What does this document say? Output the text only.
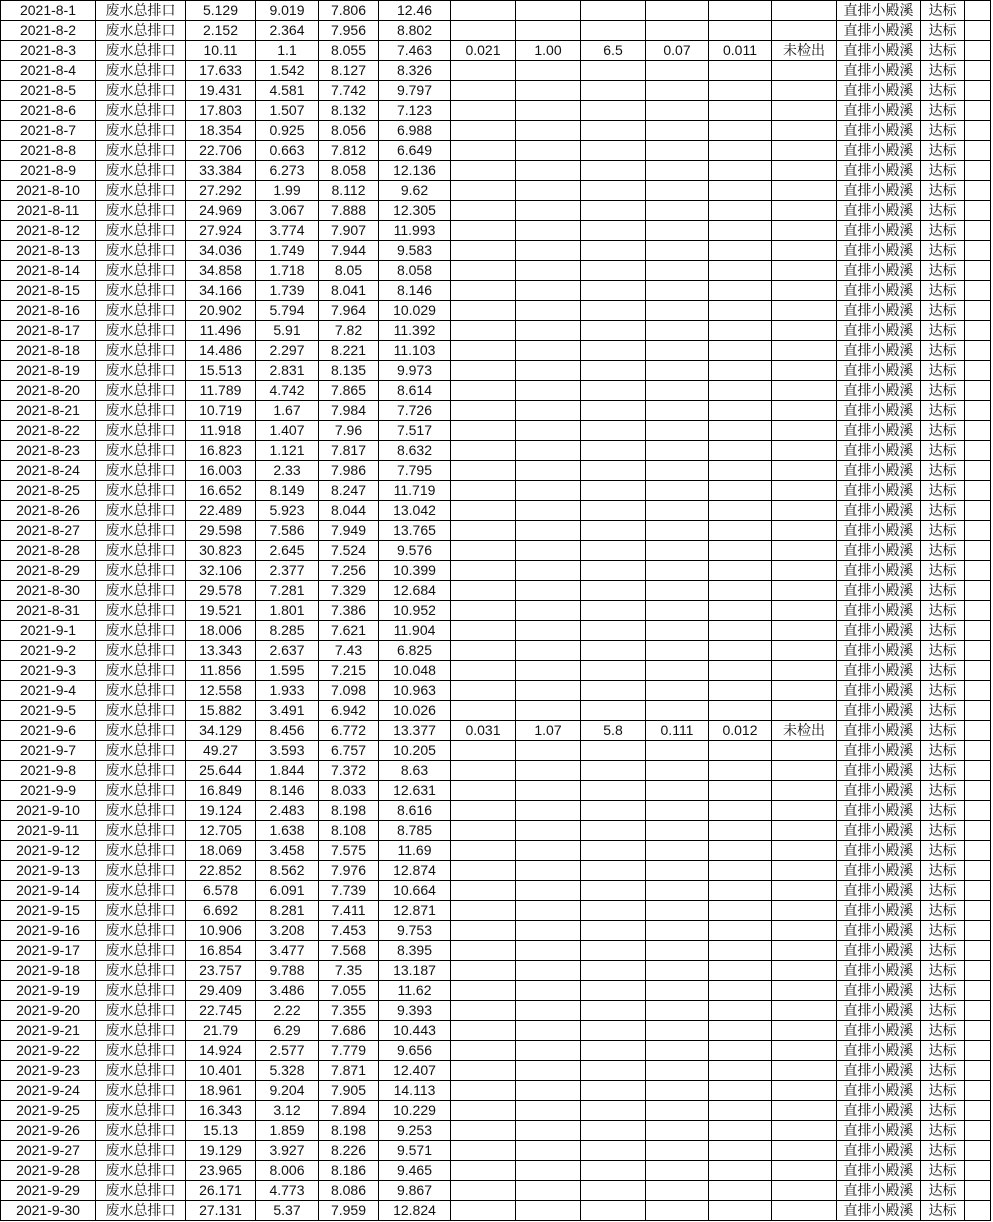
2021-8-1	废水总排口	5.129	9.019	7.806	12.46							直排小殿溪	达标	
2021-8-2	废水总排口	2.152	2.364	7.956	8.802							直排小殿溪	达标	
2021-8-3	废水总排口	10.11	1.1	8.055	7.463	0.021	1.00	6.5	0.07	0.011	未检出	直排小殿溪	达标	
2021-8-4	废水总排口	17.633	1.542	8.127	8.326							直排小殿溪	达标	
2021-8-5	废水总排口	19.431	4.581	7.742	9.797							直排小殿溪	达标	
2021-8-6	废水总排口	17.803	1.507	8.132	7.123							直排小殿溪	达标	
2021-8-7	废水总排口	18.354	0.925	8.056	6.988							直排小殿溪	达标	
2021-8-8	废水总排口	22.706	0.663	7.812	6.649							直排小殿溪	达标	
2021-8-9	废水总排口	33.384	6.273	8.058	12.136							直排小殿溪	达标	
2021-8-10	废水总排口	27.292	1.99	8.112	9.62							直排小殿溪	达标	
2021-8-11	废水总排口	24.969	3.067	7.888	12.305							直排小殿溪	达标	
2021-8-12	废水总排口	27.924	3.774	7.907	11.993							直排小殿溪	达标	
2021-8-13	废水总排口	34.036	1.749	7.944	9.583							直排小殿溪	达标	
2021-8-14	废水总排口	34.858	1.718	8.05	8.058							直排小殿溪	达标	
2021-8-15	废水总排口	34.166	1.739	8.041	8.146							直排小殿溪	达标	
2021-8-16	废水总排口	20.902	5.794	7.964	10.029							直排小殿溪	达标	
2021-8-17	废水总排口	11.496	5.91	7.82	11.392							直排小殿溪	达标	
2021-8-18	废水总排口	14.486	2.297	8.221	11.103							直排小殿溪	达标	
2021-8-19	废水总排口	15.513	2.831	8.135	9.973							直排小殿溪	达标	
2021-8-20	废水总排口	11.789	4.742	7.865	8.614							直排小殿溪	达标	
2021-8-21	废水总排口	10.719	1.67	7.984	7.726							直排小殿溪	达标	
2021-8-22	废水总排口	11.918	1.407	7.96	7.517							直排小殿溪	达标	
2021-8-23	废水总排口	16.823	1.121	7.817	8.632							直排小殿溪	达标	
2021-8-24	废水总排口	16.003	2.33	7.986	7.795							直排小殿溪	达标	
2021-8-25	废水总排口	16.652	8.149	8.247	11.719							直排小殿溪	达标	
2021-8-26	废水总排口	22.489	5.923	8.044	13.042							直排小殿溪	达标	
2021-8-27	废水总排口	29.598	7.586	7.949	13.765							直排小殿溪	达标	
2021-8-28	废水总排口	30.823	2.645	7.524	9.576							直排小殿溪	达标	
2021-8-29	废水总排口	32.106	2.377	7.256	10.399							直排小殿溪	达标	
2021-8-30	废水总排口	29.578	7.281	7.329	12.684							直排小殿溪	达标	
2021-8-31	废水总排口	19.521	1.801	7.386	10.952							直排小殿溪	达标	
2021-9-1	废水总排口	18.006	8.285	7.621	11.904							直排小殿溪	达标	
2021-9-2	废水总排口	13.343	2.637	7.43	6.825							直排小殿溪	达标	
2021-9-3	废水总排口	11.856	1.595	7.215	10.048							直排小殿溪	达标	
2021-9-4	废水总排口	12.558	1.933	7.098	10.963							直排小殿溪	达标	
2021-9-5	废水总排口	15.882	3.491	6.942	10.026							直排小殿溪	达标	
2021-9-6	废水总排口	34.129	8.456	6.772	13.377	0.031	1.07	5.8	0.111	0.012	未检出	直排小殿溪	达标	
2021-9-7	废水总排口	49.27	3.593	6.757	10.205							直排小殿溪	达标	
2021-9-8	废水总排口	25.644	1.844	7.372	8.63							直排小殿溪	达标	
2021-9-9	废水总排口	16.849	8.146	8.033	12.631							直排小殿溪	达标	
2021-9-10	废水总排口	19.124	2.483	8.198	8.616							直排小殿溪	达标	
2021-9-11	废水总排口	12.705	1.638	8.108	8.785							直排小殿溪	达标	
2021-9-12	废水总排口	18.069	3.458	7.575	11.69							直排小殿溪	达标	
2021-9-13	废水总排口	22.852	8.562	7.976	12.874							直排小殿溪	达标	
2021-9-14	废水总排口	6.578	6.091	7.739	10.664							直排小殿溪	达标	
2021-9-15	废水总排口	6.692	8.281	7.411	12.871							直排小殿溪	达标	
2021-9-16	废水总排口	10.906	3.208	7.453	9.753							直排小殿溪	达标	
2021-9-17	废水总排口	16.854	3.477	7.568	8.395							直排小殿溪	达标	
2021-9-18	废水总排口	23.757	9.788	7.35	13.187							直排小殿溪	达标	
2021-9-19	废水总排口	29.409	3.486	7.055	11.62							直排小殿溪	达标	
2021-9-20	废水总排口	22.745	2.22	7.355	9.393							直排小殿溪	达标	
2021-9-21	废水总排口	21.79	6.29	7.686	10.443							直排小殿溪	达标	
2021-9-22	废水总排口	14.924	2.577	7.779	9.656							直排小殿溪	达标	
2021-9-23	废水总排口	10.401	5.328	7.871	12.407							直排小殿溪	达标	
2021-9-24	废水总排口	18.961	9.204	7.905	14.113							直排小殿溪	达标	
2021-9-25	废水总排口	16.343	3.12	7.894	10.229							直排小殿溪	达标	
2021-9-26	废水总排口	15.13	1.859	8.198	9.253							直排小殿溪	达标	
2021-9-27	废水总排口	19.129	3.927	8.226	9.571							直排小殿溪	达标	
2021-9-28	废水总排口	23.965	8.006	8.186	9.465							直排小殿溪	达标	
2021-9-29	废水总排口	26.171	4.773	8.086	9.867							直排小殿溪	达标	
2021-9-30	废水总排口	27.131	5.37	7.959	12.824							直排小殿溪	达标	
